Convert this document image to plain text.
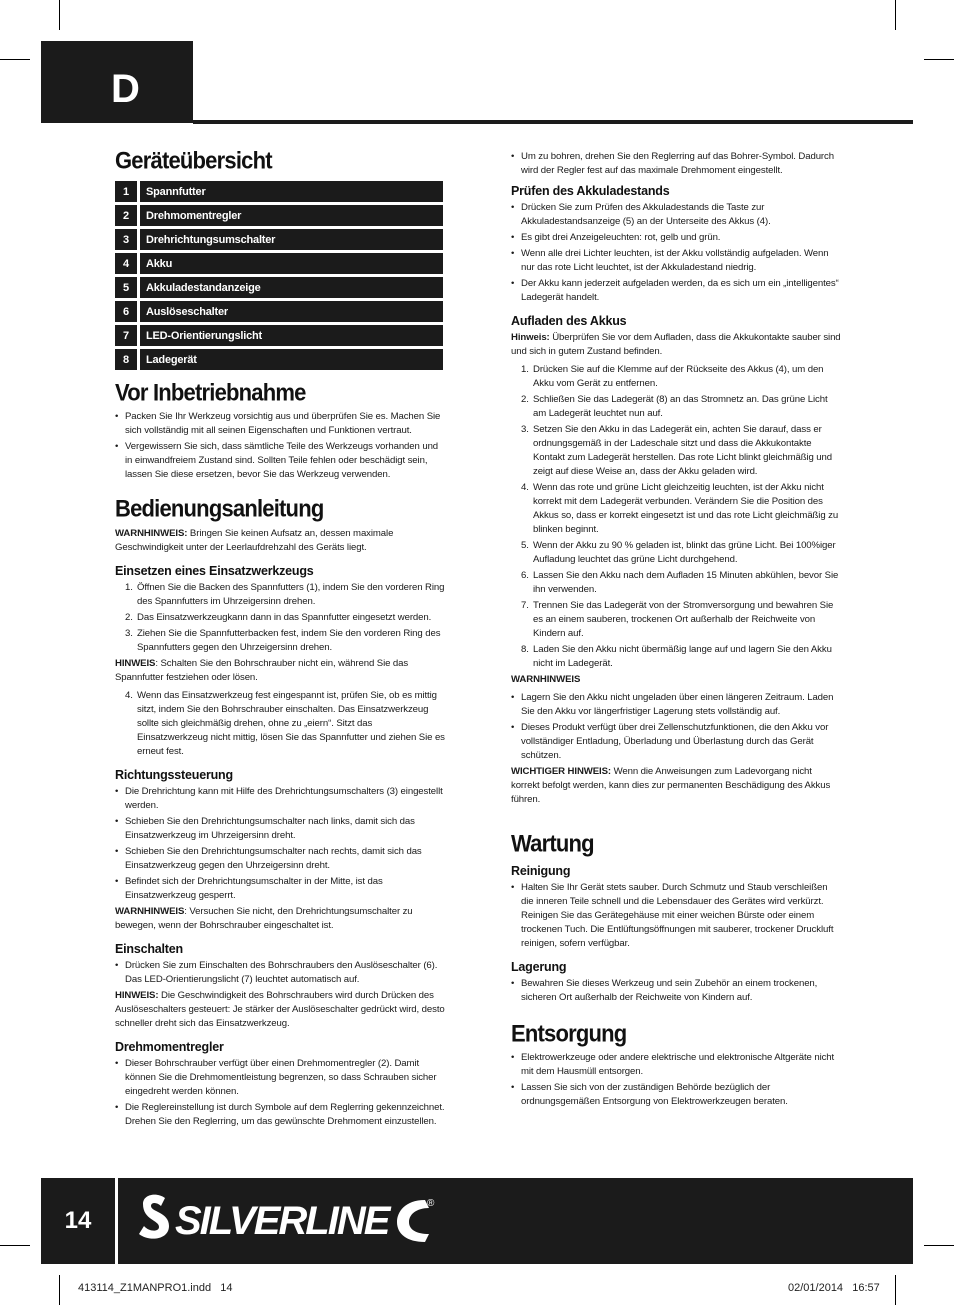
D
Geräteübersicht
1	Spannfutter
2	Drehmomentregler
3	Drehrichtungsumschalter
4	Akku
5	Akkuladestandanzeige
6	Auslöseschalter
7	LED-Orientierungslicht
8	Ladegerät
Vor Inbetriebnahme
• Packen Sie Ihr Werkzeug vorsichtig aus und überprüfen Sie es. Machen Sie sich vollständig mit all seinen Eigenschaften und Funktionen vertraut.
• Vergewissern Sie sich, dass sämtliche Teile des Werkzeugs vorhanden und in einwandfreiem Zustand sind. Sollten Teile fehlen oder beschädigt sein, lassen Sie diese ersetzen, bevor Sie das Werkzeug verwenden.
Bedienungsanleitung

WARNHINWEIS: Bringen Sie keinen Aufsatz an, dessen maximale Geschwindigkeit unter der Leerlaufdrehzahl des Geräts liegt.

Einsetzen eines Einsatzwerkzeugs
1. Öffnen Sie die Backen des Spannfutters (1), indem Sie den vorderen Ring des Spannfutters im Uhrzeigersinn drehen.
2. Das Einsatzwerkzeugkann dann in das Spannfutter eingesetzt werden.
3. Ziehen Sie die Spannfutterbacken fest, indem Sie den vorderen Ring des Spannfutters gegen den Uhrzeigersinn drehen.

HINWEIS: Schalten Sie den Bohrschrauber nicht ein, während Sie das Spannfutter festziehen oder lösen.

4. Wenn das Einsatzwerkzeug fest eingespannt ist, prüfen Sie, ob es mittig sitzt, indem Sie den Bohrschrauber einschalten. Das Einsatzwerkzeug sollte sich gleichmäßig drehen, ohne zu „eiern“. Sitzt das Einsatzwerkzeug nicht mittig, lösen Sie das Spannfutter und ziehen Sie es erneut fest.
Richtungssteuerung
• Die Drehrichtung kann mit Hilfe des Drehrichtungsumschalters (3) eingestellt werden.
• Schieben Sie den Drehrichtungsumschalter nach links, damit sich das Einsatzwerkzeug im Uhrzeigersinn dreht.
• Schieben Sie den Drehrichtungsumschalter nach rechts, damit sich das Einsatzwerkzeug gegen den Uhrzeigersinn dreht.
• Befindet sich der Drehrichtungsumschalter in der Mitte, ist das Einsatzwerkzeug gesperrt.

WARNHINWEIS: Versuchen Sie nicht, den Drehrichtungsumschalter zu bewegen, wenn der Bohrschrauber eingeschaltet ist.

Einschalten
• Drücken Sie zum Einschalten des Bohrschraubers den Auslöseschalter (6). Das LED-Orientierungslicht (7) leuchtet automatisch auf.

HINWEIS: Die Geschwindigkeit des Bohrschraubers wird durch Drücken des Auslöseschalters gesteuert: Je stärker der Auslöseschalter gedrückt wird, desto schneller dreht sich das Einsatzwerkzeug.

Drehmomentregler
• Dieser Bohrschrauber verfügt über einen Drehmomentregler (2). Damit können Sie die Drehmomentleistung begrenzen, so dass Schrauben sicher eingedreht werden können.
• Die Reglereinstellung ist durch Symbole auf dem Reglerring gekennzeichnet. Drehen Sie den Reglerring, um das gewünschte Drehmoment einzustellen.
• Um zu bohren, drehen Sie den Reglerring auf das Bohrer-Symbol. Dadurch wird der Regler fest auf das maximale Drehmoment eingestellt.
Prüfen des Akkuladestands
• Drücken Sie zum Prüfen des Akkuladestands die Taste zur Akkuladestandsanzeige (5) an der Unterseite des Akkus (4).
• Es gibt drei Anzeigeleuchten: rot, gelb und grün.
• Wenn alle drei Lichter leuchten, ist der Akku vollständig aufgeladen. Wenn nur das rote Licht leuchtet, ist der Akkuladestand niedrig.
• Der Akku kann jederzeit aufgeladen werden, da es sich um ein „intelligentes“ Ladegerät handelt.
Aufladen des Akkus

Hinweis: Überprüfen Sie vor dem Aufladen, dass die Akkukontakte sauber sind und sich in gutem Zustand befinden.

1. Drücken Sie auf die Klemme auf der Rückseite des Akkus (4), um den Akku vom Gerät zu entfernen.
2. Schließen Sie das Ladegerät (8) an das Stromnetz an. Das grüne Licht am Ladegerät leuchtet nun auf.
3. Setzen Sie den Akku in das Ladegerät ein, achten Sie darauf, dass er ordnungsgemäß in der Ladeschale sitzt und dass die Akkukontakte Kontakt zum Ladegerät herstellen. Das rote Licht blinkt gleichmäßig und zeigt auf diese Weise an, dass der Akku geladen wird.
4. Wenn das rote und grüne Licht gleichzeitig leuchten, ist der Akku nicht korrekt mit dem Ladegerät verbunden. Verändern Sie die Position des Akkus so, dass er korrekt eingesetzt ist und das rote Licht gleichmäßig zu blinken beginnt.
5. Wenn der Akku zu 90 % geladen ist, blinkt das grüne Licht. Bei 100%iger Aufladung leuchtet das grüne Licht durchgehend.
6. Lassen Sie den Akku nach dem Aufladen 15 Minuten abkühlen, bevor Sie ihn verwenden.
7. Trennen Sie das Ladegerät von der Stromversorgung und bewahren Sie es an einem sauberen, trockenen Ort außerhalb der Reichweite von Kindern auf.
8. Laden Sie den Akku nicht übermäßig lange auf und lagern Sie den Akku nicht im Ladegerät.

WARNHINWEIS

• Lagern Sie den Akku nicht ungeladen über einen längeren Zeitraum. Laden Sie den Akku vor längerfristiger Lagerung stets vollständig auf.
• Dieses Produkt verfügt über drei Zellenschutzfunktionen, die den Akku vor vollständiger Entladung, Überladung und Überlastung durch das Gerät schützen.

WICHTIGER HINWEIS: Wenn die Anweisungen zum Ladevorgang nicht korrekt befolgt werden, kann dies zur permanenten Beschädigung des Akkus führen.

Wartung
Reinigung
• Halten Sie Ihr Gerät stets sauber. Durch Schmutz und Staub verschleißen die inneren Teile schnell und die Lebensdauer des Gerätes wird verkürzt. Reinigen Sie das Gerätegehäuse mit einer weichen Bürste oder einem trockenen Tuch. Die Entlüftungsöffnungen mit sauberer, trockener Druckluft reinigen, sofern verfügbar.
Lagerung
• Bewahren Sie dieses Werkzeug und sein Zubehör an einem trockenen, sicheren Ort außerhalb der Reichweite von Kindern auf.
Entsorgung
• Elektrowerkzeuge oder andere elektrische und elektronische Altgeräte nicht mit dem Hausmüll entsorgen.
• Lassen Sie sich von der zuständigen Behörde bezüglich der ordnungsgemäßen Entsorgung von Elektrowerkzeugen beraten.
14	SILVERLINE	®
413114_Z1MANPRO1.indd   14	02/01/2014   16:57
